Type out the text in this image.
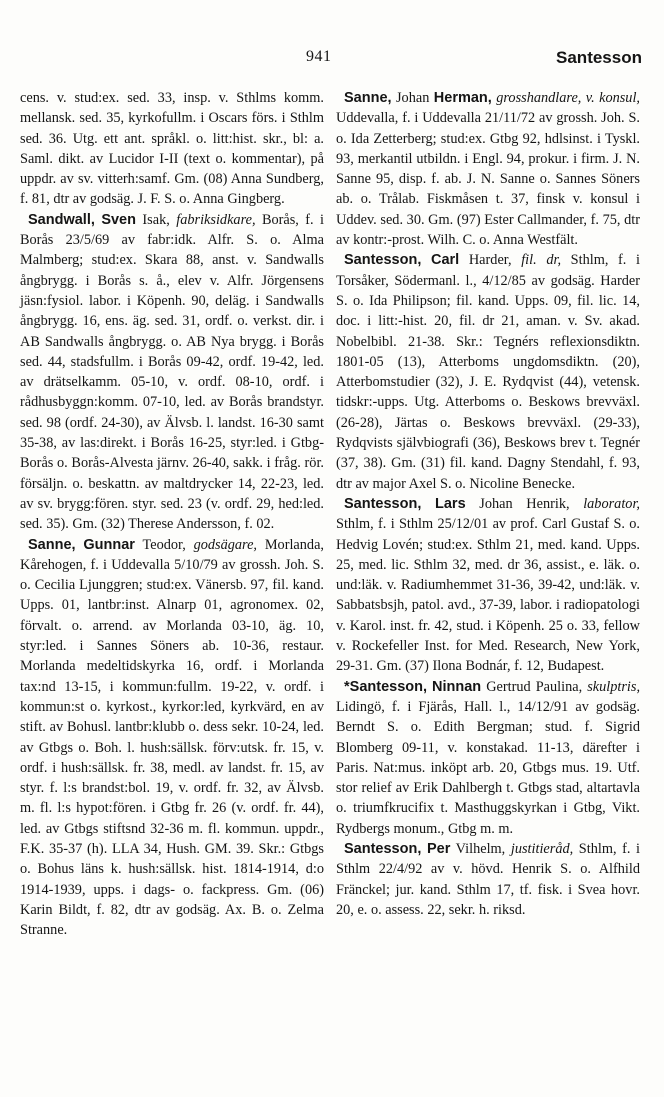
941	Santesson

cens. v. stud:ex. sed. 33, insp. v. Sthlms komm. mellansk. sed. 35, kyrkofullm. i Oscars förs. i Sthlm sed. 36. Utg. ett ant. språkl. o. litt:hist. skr., bl: a. Saml. dikt. av Lucidor I-II (text o. kommentar), på uppdr. av sv. vitterh:samf. Gm. (08) Anna Sundberg, f. 81, dtr av godsäg. J. F. S. o. Anna Gingberg.

Sandwall, Sven Isak, fabriksidkare, Borås, f. i Borås 23/5/69 av fabr:idk. Alfr. S. o. Alma Malmberg; stud:ex. Skara 88, anst. v. Sandwalls ångbrygg. i Borås s. å., elev v. Alfr. Jörgensens jäsn:fysiol. labor. i Köpenh. 90, deläg. i Sandwalls ångbrygg. 16, ens. äg. sed. 31, ordf. o. verkst. dir. i AB Sandwalls ångbrygg. o. AB Nya brygg. i Borås sed. 44, stadsfullm. i Borås 09-42, ordf. 19-42, led. av drätselkamm. 05-10, v. ordf. 08-10, ordf. i rådhusbyggn:komm. 07-10, led. av Borås brandstyr. sed. 98 (ordf. 24-30), av Älvsb. l. landst. 16-30 samt 35-38, av las:direkt. i Borås 16-25, styr:led. i Gtbg-Borås o. Borås-Alvesta järnv. 26-40, sakk. i fråg. rör. försäljn. o. beskattn. av maltdrycker 14, 22-23, led. av sv. brygg:fören. styr. sed. 23 (v. ordf. 29, hed:led. sed. 35). Gm. (32) Therese Andersson, f. 02.

Sanne, Gunnar Teodor, godsägare, Morlanda, Kårehogen, f. i Uddevalla 5/10/79 av grossh. Joh. S. o. Cecilia Ljunggren; stud:ex. Vänersb. 97, fil. kand. Upps. 01, lantbr:inst. Alnarp 01, agronomex. 02, förvalt. o. arrend. av Morlanda 03-10, äg. 10, styr:led. i Sannes Söners ab. 10-36, restaur. Morlanda medeltidskyrka 16, ordf. i Morlanda tax:nd 13-15, i kommun:fullm. 19-22, v. ordf. i kommun:st o. kyrkost., kyrkor:led, kyrkvärd, en av stift. av Bohusl. lantbr:klubb o. dess sekr. 10-24, led. av Gtbgs o. Boh. l. hush:sällsk. förv:utsk. fr. 15, v. ordf. i hush:sällsk. fr. 38, medl. av landst. fr. 15, av styr. f. l:s brandst:bol. 19, v. ordf. fr. 32, av Älvsb. m. fl. l:s hypot:fören. i Gtbg fr. 26 (v. ordf. fr. 44), led. av Gtbgs stiftsnd 32-36 m. fl. kommun. uppdr., F.K. 35-37 (h). LLA 34, Hush. GM. 39. Skr.: Gtbgs o. Bohus läns k. hush:sällsk. hist. 1814-1914, d:o 1914-1939, upps. i dags- o. fackpress. Gm. (06) Karin Bildt, f. 82, dtr av godsäg. Ax. B. o. Zelma Stranne.

Sanne, Johan Herman, grosshandlare, v. konsul, Uddevalla, f. i Uddevalla 21/11/72 av grossh. Joh. S. o. Ida Zetterberg; stud:ex. Gtbg 92, hdlsinst. i Tyskl. 93, merkantil utbildn. i Engl. 94, prokur. i firm. J. N. Sanne 95, disp. f. ab. J. N. Sanne o. Sannes Söners ab. o. Trålab. Fiskmåsen t. 37, finsk v. konsul i Uddev. sed. 30. Gm. (97) Ester Callmander, f. 75, dtr av kontr:-prost. Wilh. C. o. Anna Westfält.

Santesson, Carl Harder, fil. dr, Sthlm, f. i Torsåker, Södermanl. l., 4/12/85 av godsäg. Harder S. o. Ida Philipson; fil. kand. Upps. 09, fil. lic. 14, doc. i litt:-hist. 20, fil. dr 21, aman. v. Sv. akad. Nobelbibl. 21-38. Skr.: Tegnérs reflexionsdiktn. 1801-05 (13), Atterboms ungdomsdiktn. (20), Atterbomstudier (32), J. E. Rydqvist (44), vetensk. tidskr:-upps. Utg. Atterboms o. Beskows brevväxl. (26-28), Järtas o. Beskows brevväxl. (29-33), Rydqvists självbiografi (36), Beskows brev t. Tegnér (37, 38). Gm. (31) fil. kand. Dagny Stendahl, f. 93, dtr av major Axel S. o. Nicoline Benecke.

Santesson, Lars Johan Henrik, laborator, Sthlm, f. i Sthlm 25/12/01 av prof. Carl Gustaf S. o. Hedvig Lovén; stud:ex. Sthlm 21, med. kand. Upps. 25, med. lic. Sthlm 32, med. dr 36, assist., e. läk. o. und:läk. v. Radiumhemmet 31-36, 39-42, und:läk. v. Sabbatsbsjh, patol. avd., 37-39, labor. i radiopatologi v. Karol. inst. fr. 42, stud. i Köpenh. 25 o. 33, fellow v. Rockefeller Inst. for Med. Research, New York, 29-31. Gm. (37) Ilona Bodnár, f. 12, Budapest.

*Santesson, Ninnan Gertrud Paulina, skulptris, Lidingö, f. i Fjärås, Hall. l., 14/12/91 av godsäg. Berndt S. o. Edith Bergman; stud. f. Sigrid Blomberg 09-11, v. konstakad. 11-13, därefter i Paris. Nat:mus. inköpt arb. 20, Gtbgs mus. 19. Utf. stor relief av Erik Dahlbergh t. Gtbgs stad, altartavla o. triumfkrucifix t. Masthuggskyrkan i Gtbg, Vikt. Rydbergs monum., Gtbg m. m.

Santesson, Per Vilhelm, justitieråd, Sthlm, f. i Sthlm 22/4/92 av v. hövd. Henrik S. o. Alfhild Fränckel; jur. kand. Sthlm 17, tf. fisk. i Svea hovr. 20, e. o. assess. 22, sekr. h. riksd.
